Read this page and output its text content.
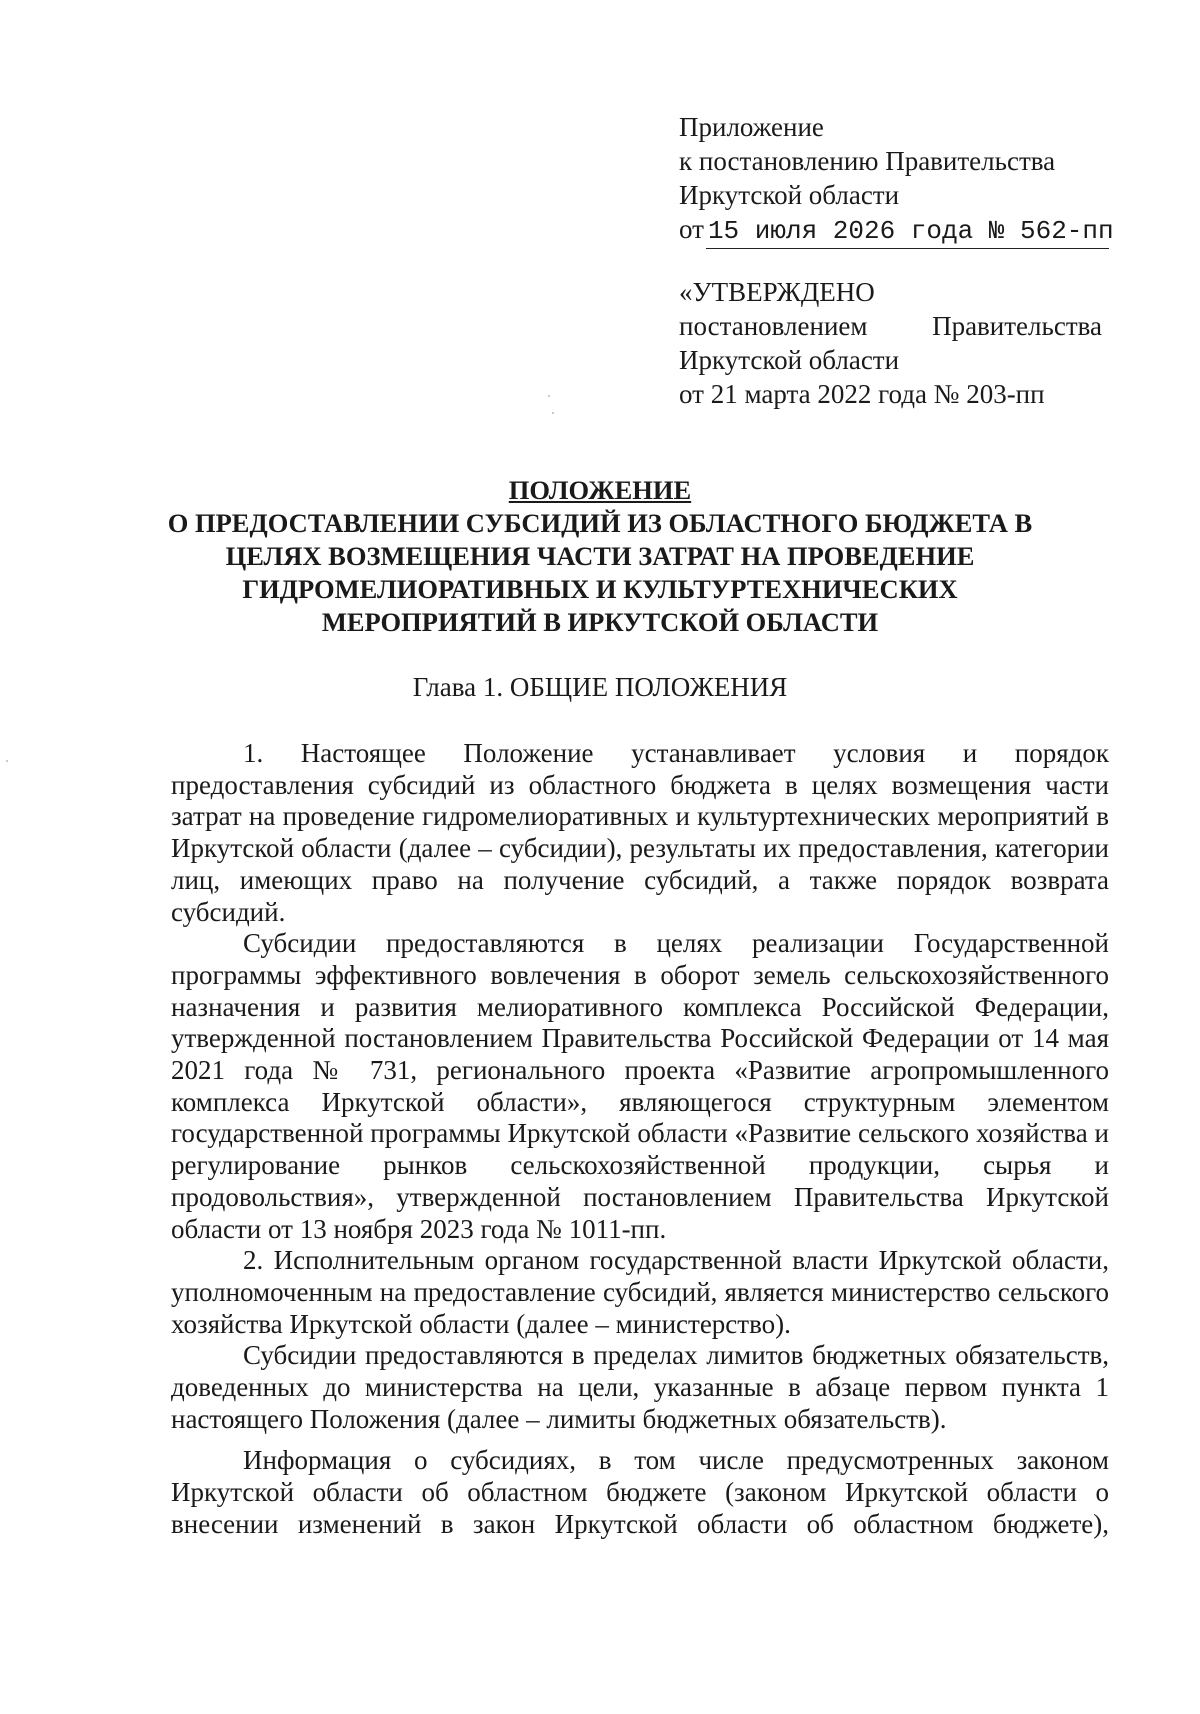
Приложение
к постановлению Правительства
Иркутской области
от 15 июля 2026 года № 562-пп
«УТВЕРЖДЕНО
постановлением Правительства
Иркутской области
от 21 марта 2022 года № 203-пп
ПОЛОЖЕНИЕ
О ПРЕДОСТАВЛЕНИИ СУБСИДИЙ ИЗ ОБЛАСТНОГО БЮДЖЕТА В
ЦЕЛЯХ ВОЗМЕЩЕНИЯ ЧАСТИ ЗАТРАТ НА ПРОВЕДЕНИЕ
ГИДРОМЕЛИОРАТИВНЫХ И КУЛЬТУРТЕХНИЧЕСКИХ
МЕРОПРИЯТИЙ В ИРКУТСКОЙ ОБЛАСТИ
Глава 1. ОБЩИЕ ПОЛОЖЕНИЯ

1. Настоящее Положение устанавливает условия и порядок предоставления субсидий из областного бюджета в целях возмещения части затрат на проведение гидромелиоративных и культуртехнических мероприятий в Иркутской области (далее – субсидии), результаты их предоставления, категории лиц, имеющих право на получение субсидий, а также порядок возврата субсидий.

Субсидии предоставляются в целях реализации Государственной программы эффективного вовлечения в оборот земель сельскохозяйственного назначения и развития мелиоративного комплекса Российской Федерации, утвержденной постановлением Правительства Российской Федерации от 14 мая 2021 года № 731, регионального проекта «Развитие агропромышленного комплекса Иркутской области», являющегося структурным элементом государственной программы Иркутской области «Развитие сельского хозяйства и регулирование рынков сельскохозяйственной продукции, сырья и продовольствия», утвержденной постановлением Правительства Иркутской области от 13 ноября 2023 года № 1011-пп.

2. Исполнительным органом государственной власти Иркутской области, уполномоченным на предоставление субсидий, является министерство сельского хозяйства Иркутской области (далее – министерство).

Субсидии предоставляются в пределах лимитов бюджетных обязательств, доведенных до министерства на цели, указанные в абзаце первом пункта 1 настоящего Положения (далее – лимиты бюджетных обязательств).

Информация о субсидиях, в том числе предусмотренных законом Иркутской области об областном бюджете (законом Иркутской области о внесении изменений в закон Иркутской области об областном бюджете),
